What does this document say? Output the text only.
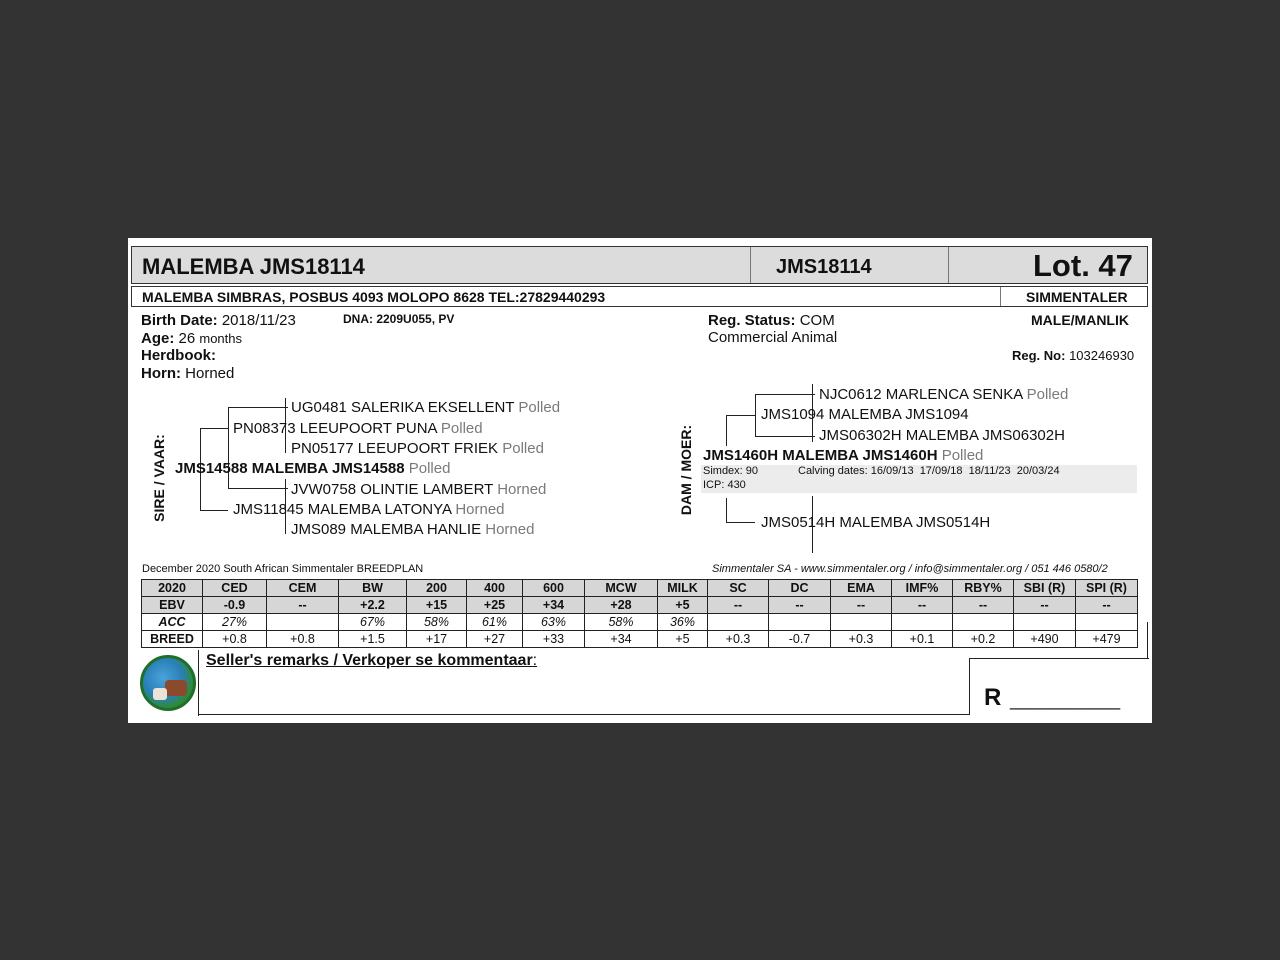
MALEMBA JMS18114	JMS18114	Lot. 47
MALEMBA SIMBRAS, POSBUS 4093 MOLOPO 8628 TEL:27829440293	SIMMENTALER
Birth Date: 2018/11/23	DNA: 2209U055, PV
Age: 26 months
Herdbook:
Horn: Horned
Reg. Status: COM
Commercial Animal
MALE/MANLIK
Reg. No: 103246930
SIRE / VAAR:
UG0481 SALERIKA EKSELLENT Polled
PN08373 LEEUPOORT PUNA Polled
PN05177 LEEUPOORT FRIEK Polled
JMS14588 MALEMBA JMS14588 Polled
JVW0758 OLINTIE LAMBERT Horned
JMS11845 MALEMBA LATONYA Horned
JMS089 MALEMBA HANLIE Horned
DAM / MOER:
NJC0612 MARLENCA SENKA Polled
JMS1094 MALEMBA JMS1094
JMS06302H MALEMBA JMS06302H
JMS1460H MALEMBA JMS1460H Polled
Simdex: 90	Calving dates: 16/09/13  17/09/18  18/11/23  20/03/24
ICP: 430
JMS0514H MALEMBA JMS0514H
December 2020 South African Simmentaler BREEDPLAN	Simmentaler SA - www.simmentaler.org / info@simmentaler.org / 051 446 0580/2
2020	CED	CEM	BW	200	400	600	MCW	MILK	SC	DC	EMA	IMF%	RBY%	SBI (R)	SPI (R)
EBV	-0.9	--	+2.2	+15	+25	+34	+28	+5	--	--	--	--	--	--	--
ACC	27%		67%	58%	61%	63%	58%	36%							
BREED	+0.8	+0.8	+1.5	+17	+27	+33	+34	+5	+0.3	-0.7	+0.3	+0.1	+0.2	+490	+479
Seller's remarks / Verkoper se kommentaar:
R ___________
